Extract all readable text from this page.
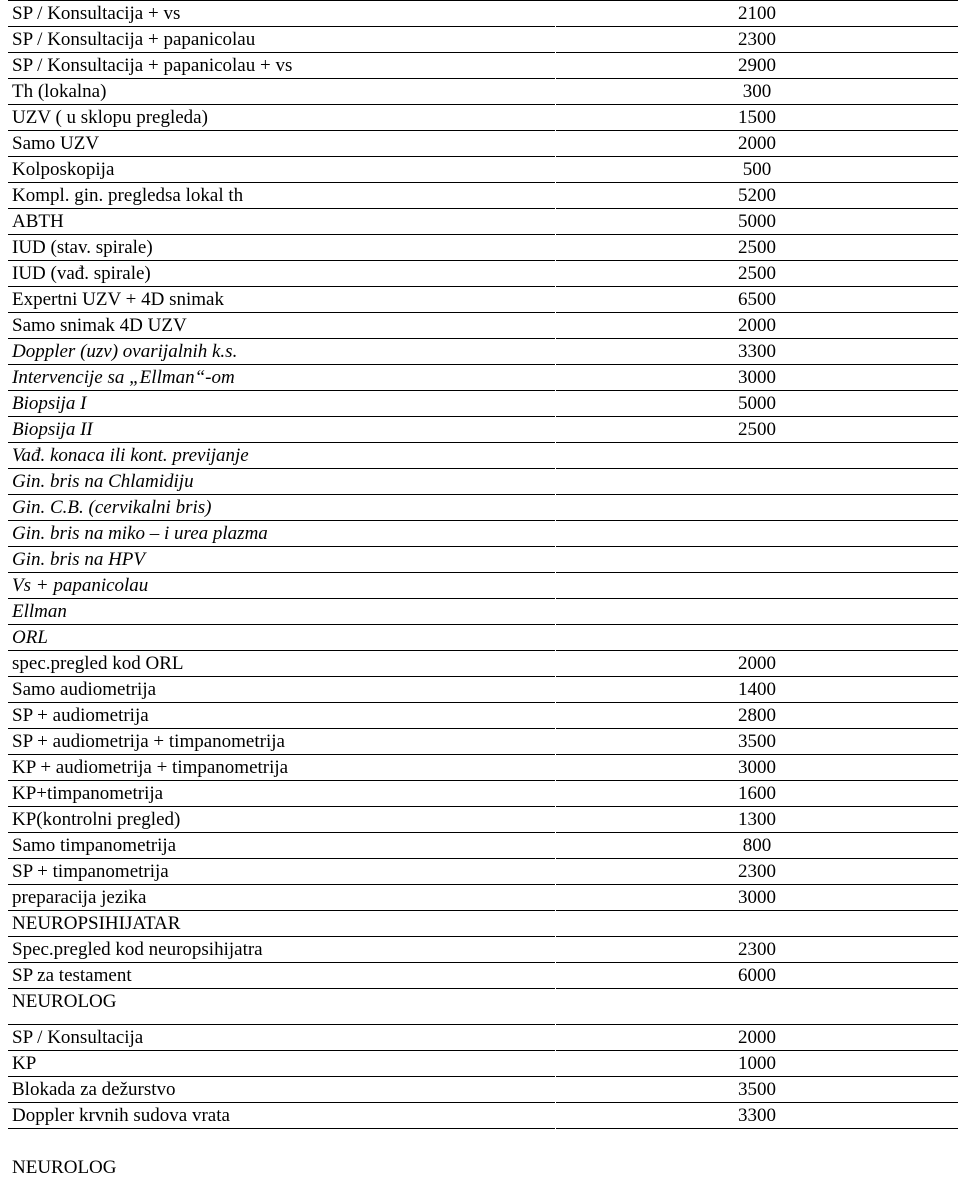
SP / Konsultacija + vs	2100
SP / Konsultacija + papanicolau	2300
SP / Konsultacija + papanicolau + vs	2900
Th (lokalna)	300
UZV ( u sklopu pregleda)	1500
Samo UZV	2000
Kolposkopija	500
Kompl. gin. pregledsa lokal th	5200
ABTH	5000
IUD (stav. spirale)	2500
IUD (vađ. spirale)	2500
Expertni UZV + 4D snimak	6500
Samo snimak 4D UZV	2000
Doppler (uzv) ovarijalnih k.s.	3300
Intervencije sa „Ellman“-om	3000
Biopsija I	5000
Biopsija II	2500
Vađ. konaca ili kont. previjanje
Gin. bris na Chlamidiju
Gin. C.B. (cervikalni bris)
Gin. bris na miko – i urea plazma
Gin. bris na HPV
Vs + papanicolau
Ellman
ORL
spec.pregled kod ORL	2000
Samo audiometrija	1400
SP + audiometrija	2800
SP + audiometrija + timpanometrija	3500
KP + audiometrija + timpanometrija	3000
KP+timpanometrija	1600
KP(kontrolni pregled)	1300
Samo timpanometrija	800
SP + timpanometrija	2300
preparacija jezika	3000
NEUROPSIHIJATAR
Spec.pregled kod neuropsihijatra	2300
SP za testament	6000
NEUROLOG
SP / Konsultacija	2000
KP	1000
Blokada za dežurstvo	3500
Doppler krvnih sudova vrata	3300
NEUROLOG
